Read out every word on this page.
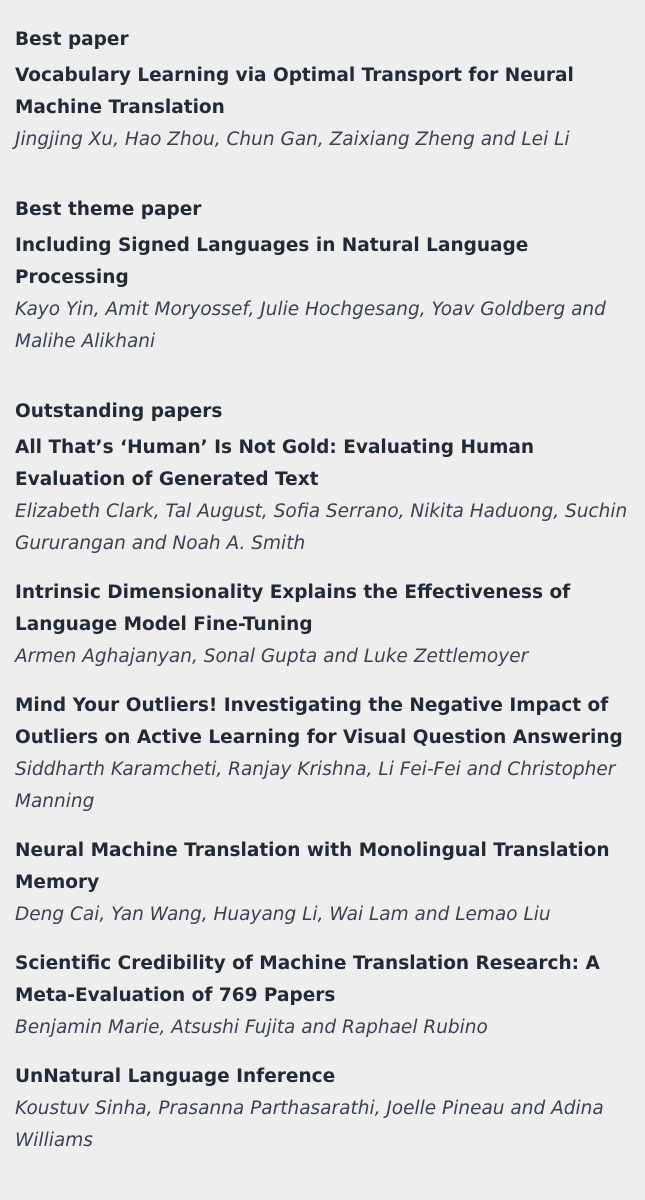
Best paper
Vocabulary Learning via Optimal Transport for Neural Machine Translation
Jingjing Xu, Hao Zhou, Chun Gan, Zaixiang Zheng and Lei Li
Best theme paper
Including Signed Languages in Natural Language Processing
Kayo Yin, Amit Moryossef, Julie Hochgesang, Yoav Goldberg and Malihe Alikhani
Outstanding papers
All That’s ‘Human’ Is Not Gold: Evaluating Human Evaluation of Generated Text
Elizabeth Clark, Tal August, Sofia Serrano, Nikita Haduong, Suchin Gururangan and Noah A. Smith
Intrinsic Dimensionality Explains the Effectiveness of Language Model Fine-Tuning
Armen Aghajanyan, Sonal Gupta and Luke Zettlemoyer
Mind Your Outliers! Investigating the Negative Impact of Outliers on Active Learning for Visual Question Answering
Siddharth Karamcheti, Ranjay Krishna, Li Fei-Fei and Christopher Manning
Neural Machine Translation with Monolingual Translation Memory
Deng Cai, Yan Wang, Huayang Li, Wai Lam and Lemao Liu
Scientific Credibility of Machine Translation Research: A Meta-Evaluation of 769 Papers
Benjamin Marie, Atsushi Fujita and Raphael Rubino
UnNatural Language Inference
Koustuv Sinha, Prasanna Parthasarathi, Joelle Pineau and Adina Williams
